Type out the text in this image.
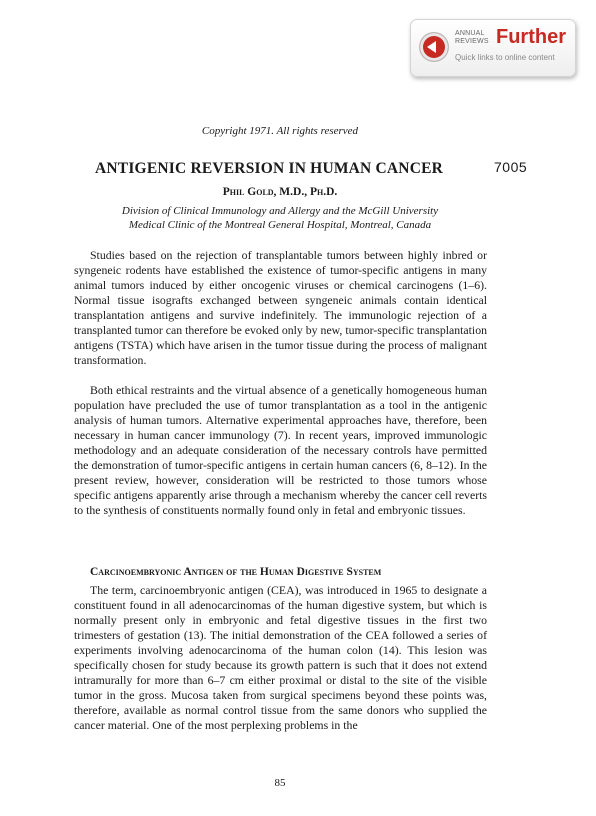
ANNUAL
REVIEWS Further
Quick links to online content
Copyright 1971. All rights reserved
ANTIGENIC REVERSION IN HUMAN CANCER	7005
Phil Gold, M.D., Ph.D.
Division of Clinical Immunology and Allergy and the McGill University
Medical Clinic of the Montreal General Hospital, Montreal, Canada

Studies based on the rejection of transplantable tumors between highly inbred or syngeneic rodents have established the existence of tumor-specific antigens in many animal tumors induced by either oncogenic viruses or chemical carcinogens (1–6). Normal tissue isografts exchanged between syngeneic animals contain identical transplantation antigens and survive indefinitely. The immunologic rejection of a transplanted tumor can therefore be evoked only by new, tumor-specific transplantation antigens (TSTA) which have arisen in the tumor tissue during the process of malignant transformation.

Both ethical restraints and the virtual absence of a genetically homogeneous human population have precluded the use of tumor transplantation as a tool in the antigenic analysis of human tumors. Alternative experimental approaches have, therefore, been necessary in human cancer immunology (7). In recent years, improved immunologic methodology and an adequate consideration of the necessary controls have permitted the demonstration of tumor-specific antigens in certain human cancers (6, 8–12). In the present review, however, consideration will be restricted to those tumors whose specific antigens apparently arise through a mechanism whereby the cancer cell reverts to the synthesis of constituents normally found only in fetal and embryonic tissues.

Carcinoembryonic Antigen of the Human Digestive System

The term, carcinoembryonic antigen (CEA), was introduced in 1965 to designate a constituent found in all adenocarcinomas of the human digestive system, but which is normally present only in embryonic and fetal digestive tissues in the first two trimesters of gestation (13). The initial demonstration of the CEA followed a series of experiments involving adenocarcinoma of the human colon (14). This lesion was specifically chosen for study because its growth pattern is such that it does not extend intramurally for more than 6–7 cm either proximal or distal to the site of the visible tumor in the gross. Mucosa taken from surgical specimens beyond these points was, therefore, available as normal control tissue from the same donors who supplied the cancer material. One of the most perplexing problems in the

85
